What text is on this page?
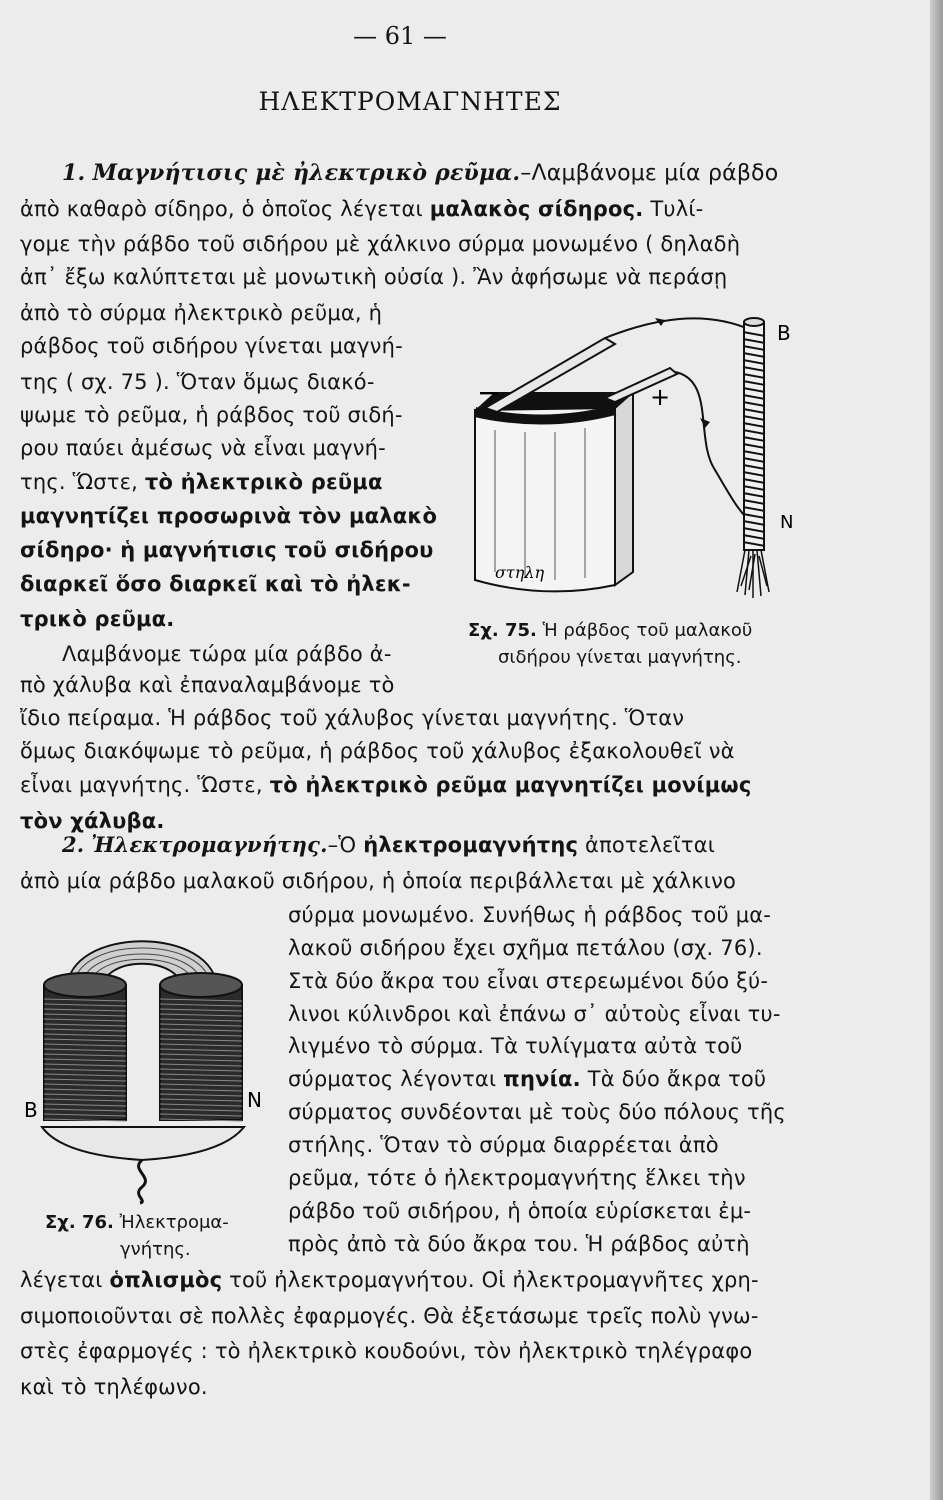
— 61 —
ΗΛΕΚΤΡΟΜΑΓΝΗΤΕΣ
1. Μαγνήτισις μὲ ἠλεκτρικὸ ρεῦμα.–Λαμβάνομε μία ράβδο
ἀπὸ καθαρὸ σίδηρο, ὁ ὁποῖος λέγεται μαλακὸς σίδηρος. Τυλί-
γομε τὴν ράβδο τοῦ σιδήρου μὲ χάλκινο σύρμα μονωμένο ( δηλαδὴ
ἀπ᾽ ἔξω καλύπτεται μὲ μονωτικὴ οὐσία ). Ἂν ἀφήσωμε νὰ περάσῃ
ἀπὸ τὸ σύρμα ἠλεκτρικὸ ρεῦμα, ἡ
ράβδος τοῦ σιδήρου γίνεται μαγνή-
της ( σχ. 75 ). Ὅταν ὅμως διακό-
ψωμε τὸ ρεῦμα, ἡ ράβδος τοῦ σιδή-
ρου παύει ἀμέσως νὰ εἶναι μαγνή-
της. Ὥστε, τὸ ἠλεκτρικὸ ρεῦμα
μαγνητίζει προσωρινὰ τὸν μαλακὸ
σίδηρο· ἡ μαγνήτισις τοῦ σιδήρου
διαρκεῖ ὅσο διαρκεῖ καὶ τὸ ἠλεκ-
τρικὸ ρεῦμα.
Λαμβάνομε τώρα μία ράβδο ἀ-
πὸ χάλυβα καὶ ἐπαναλαμβάνομε τὸ
ἴδιο πείραμα. Ἡ ράβδος τοῦ χάλυβος γίνεται μαγνήτης. Ὅταν
ὅμως διακόψωμε τὸ ρεῦμα, ἡ ράβδος τοῦ χάλυβος ἐξακολουθεῖ νὰ
εἶναι μαγνήτης. Ὥστε, τὸ ἠλεκτρικὸ ρεῦμα μαγνητίζει μονίμως
τὸν χάλυβα.
B
N
−	+
στηλη
Σχ. 75. Ἡ ράβδος τοῦ μαλακοῦ
σιδήρου γίνεται μαγνήτης.
2. Ἠλεκτρομαγνήτης.–Ὁ ἠλεκτρομαγνήτης ἀποτελεῖται
ἀπὸ μία ράβδο μαλακοῦ σιδήρου, ἡ ὁποία περιβάλλεται μὲ χάλκινο
σύρμα μονωμένο. Συνήθως ἡ ράβδος τοῦ μα-
λακοῦ σιδήρου ἔχει σχῆμα πετάλου (σχ. 76).
Στὰ δύο ἄκρα του εἶναι στερεωμένοι δύο ξύ-
λινοι κύλινδροι καὶ ἐπάνω σ᾽ αὐτοὺς εἶναι τυ-
λιγμένο τὸ σύρμα. Τὰ τυλίγματα αὐτὰ τοῦ
σύρματος λέγονται πηνία. Τὰ δύο ἄκρα τοῦ
σύρματος συνδέονται μὲ τοὺς δύο πόλους τῆς
στήλης. Ὅταν τὸ σύρμα διαρρέεται ἀπὸ
ρεῦμα, τότε ὁ ἠλεκτρομαγνήτης ἕλκει τὴν
ράβδο τοῦ σιδήρου, ἡ ὁποία εὑρίσκεται ἐμ-
πρὸς ἀπὸ τὰ δύο ἄκρα του. Ἡ ράβδος αὐτὴ
λέγεται ὁπλισμὸς τοῦ ἠλεκτρομαγνήτου. Οἱ ἠλεκτρομαγνῆτες χρη-
σιμοποιοῦνται σὲ πολλὲς ἐφαρμογές. Θὰ ἐξετάσωμε τρεῖς πολὺ γνω-
στὲς ἐφαρμογές : τὸ ἠλεκτρικὸ κουδούνι, τὸν ἠλεκτρικὸ τηλέγραφο
καὶ τὸ τηλέφωνο.
B	N
Σχ. 76. Ἠλεκτρομα-
γνήτης.
